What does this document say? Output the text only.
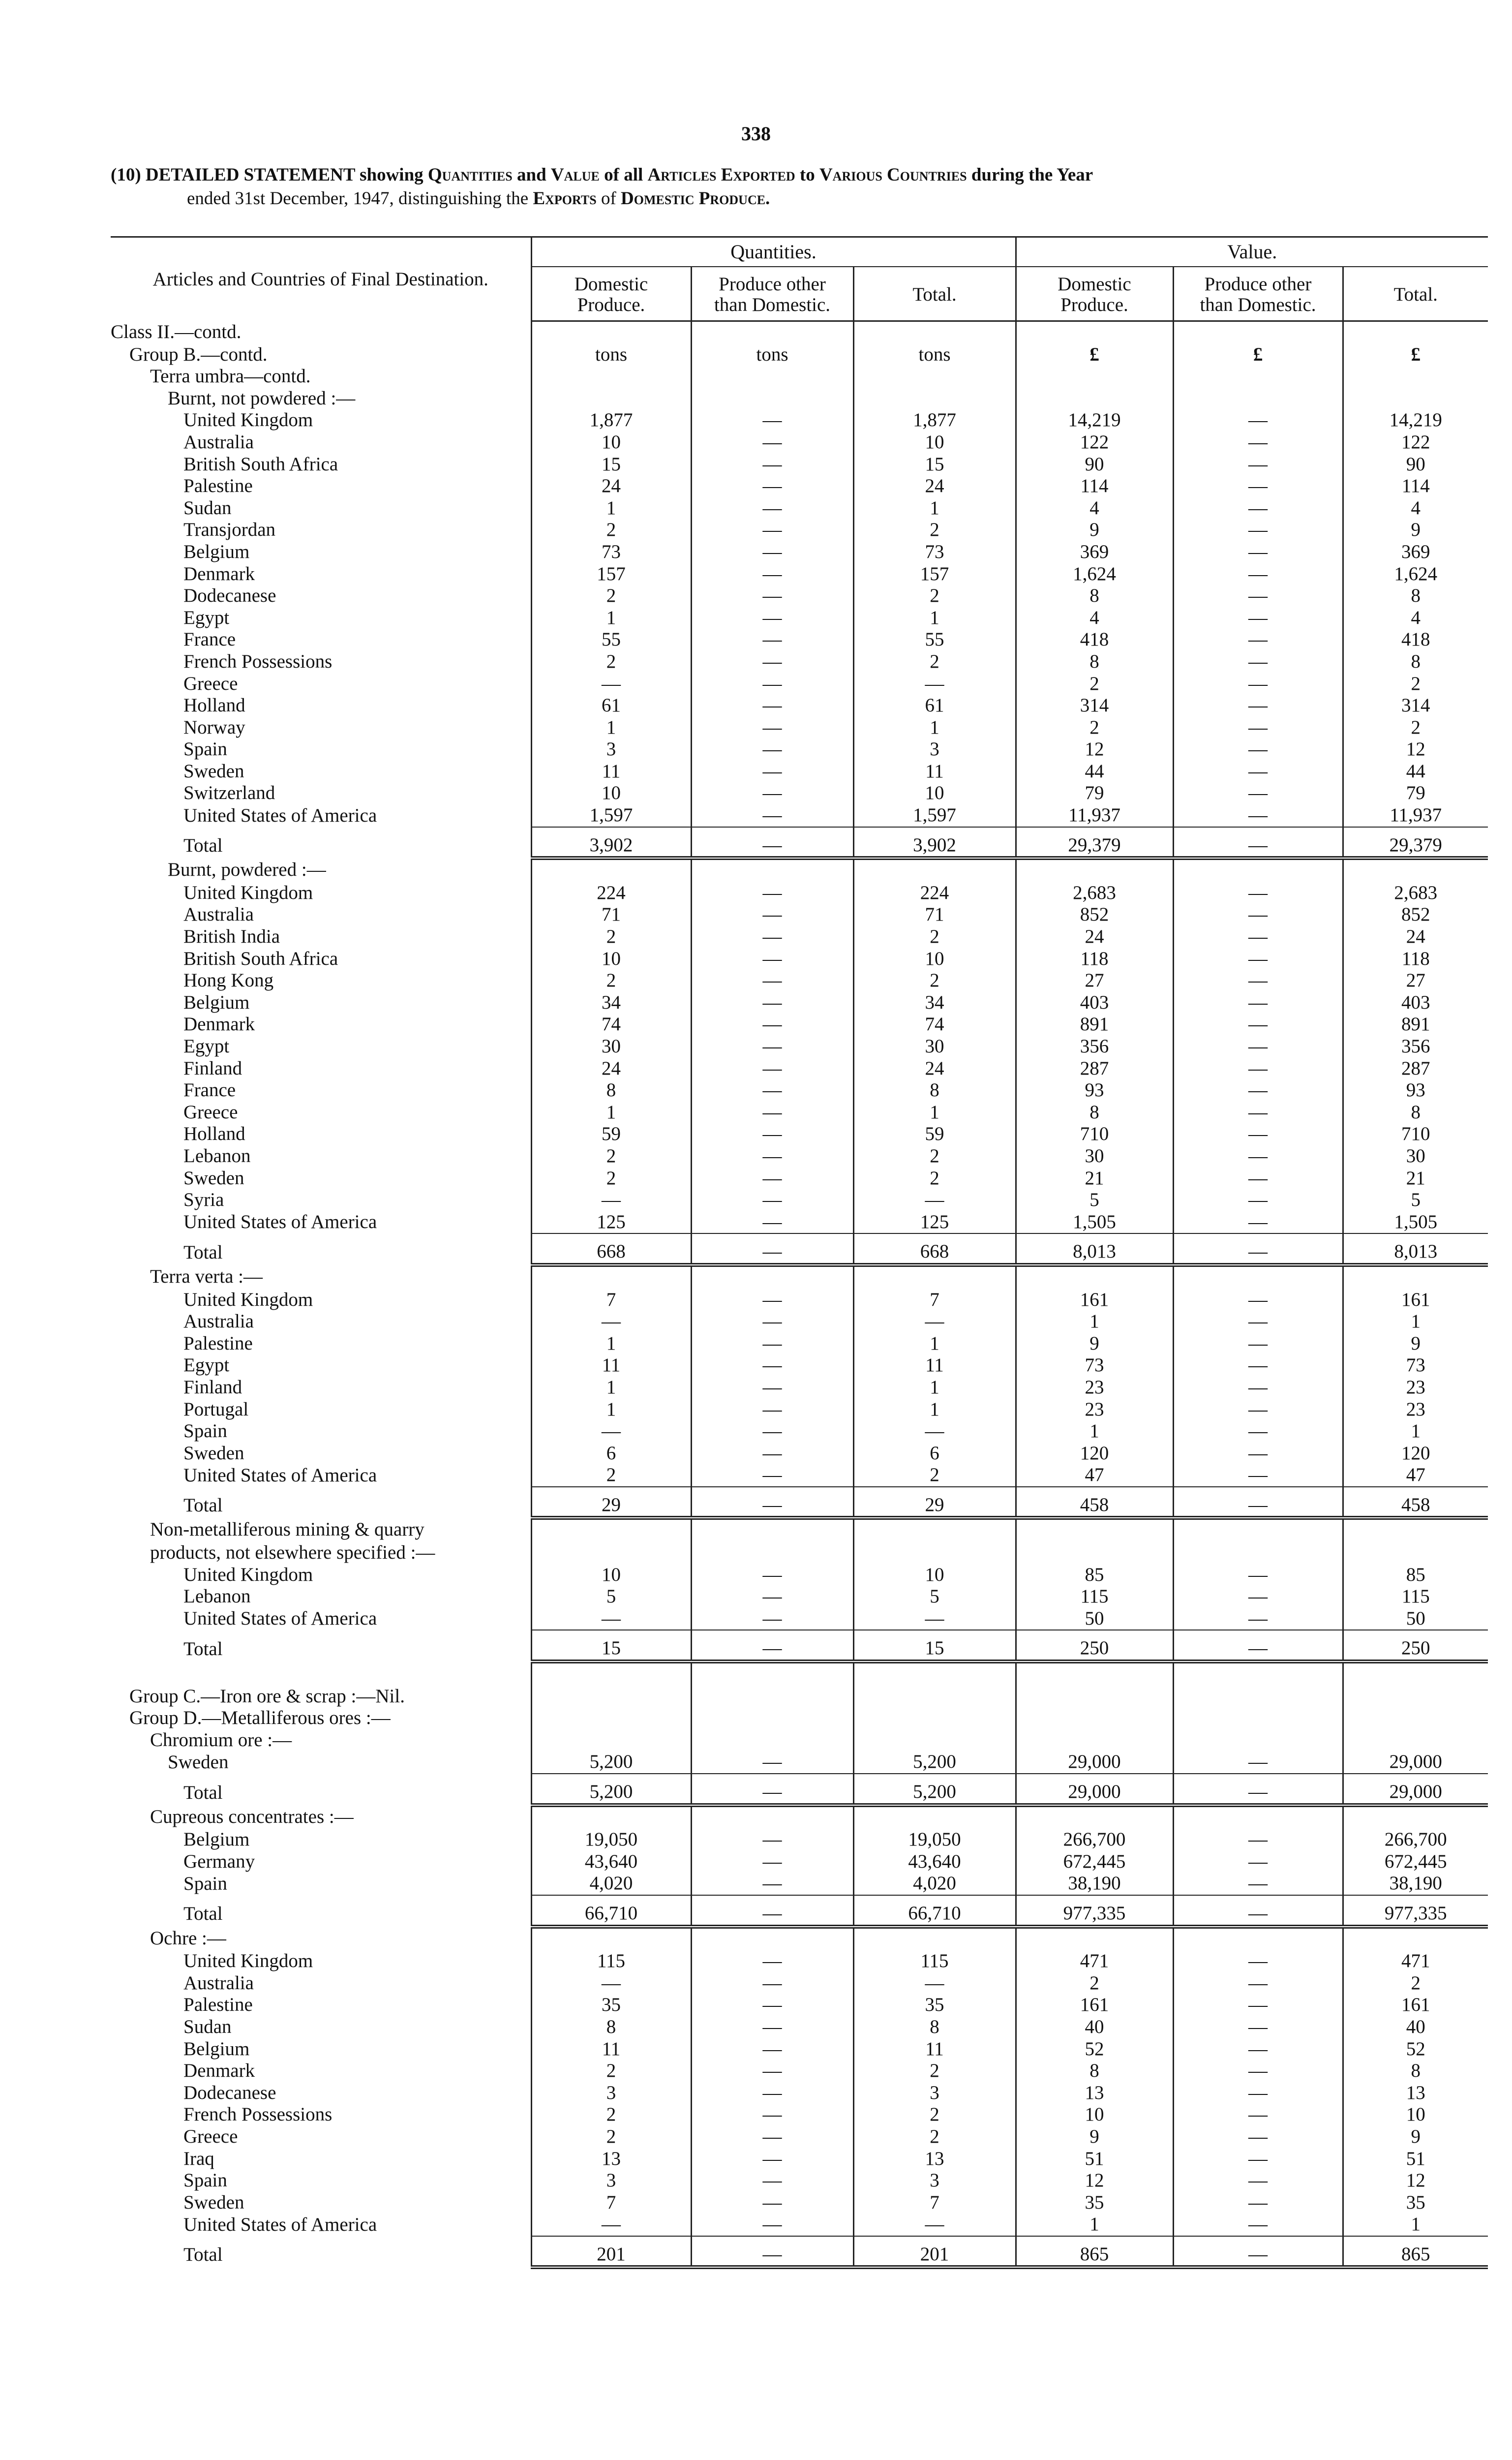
338
(10) DETAILED STATEMENT showing Quantities and Value of all Articles Exported to Various Countries during the Year
ended 31st December, 1947, distinguishing the Exports of Domestic Produce.
Articles and Countries of Final Destination.	Quantities.			Value.		
	Domestic Produce.	Produce other than Domestic.	Total.	Domestic Produce.	Produce other than Domestic.	Total.
Class II.—contd.						
Group B.—contd.	tons	tons	tons	£	£	£
Terra umbra—contd.						
Burnt, not powdered :—						
United Kingdom	1,877	—	1,877	14,219	—	14,219
Australia	10	—	10	122	—	122
British South Africa	15	—	15	90	—	90
Palestine	24	—	24	114	—	114
Sudan	1	—	1	4	—	4
Transjordan	2	—	2	9	—	9
Belgium	73	—	73	369	—	369
Denmark	157	—	157	1,624	—	1,624
Dodecanese	2	—	2	8	—	8
Egypt	1	—	1	4	—	4
France	55	—	55	418	—	418
French Possessions	2	—	2	8	—	8
Greece	—	—	—	2	—	2
Holland	61	—	61	314	—	314
Norway	1	—	1	2	—	2
Spain	3	—	3	12	—	12
Sweden	11	—	11	44	—	44
Switzerland	10	—	10	79	—	79
United States of America	1,597	—	1,597	11,937	—	11,937
Total	3,902	—	3,902	29,379	—	29,379
Burnt, powdered :—						
United Kingdom	224	—	224	2,683	—	2,683
Australia	71	—	71	852	—	852
British India	2	—	2	24	—	24
British South Africa	10	—	10	118	—	118
Hong Kong	2	—	2	27	—	27
Belgium	34	—	34	403	—	403
Denmark	74	—	74	891	—	891
Egypt	30	—	30	356	—	356
Finland	24	—	24	287	—	287
France	8	—	8	93	—	93
Greece	1	—	1	8	—	8
Holland	59	—	59	710	—	710
Lebanon	2	—	2	30	—	30
Sweden	2	—	2	21	—	21
Syria	—	—	—	5	—	5
United States of America	125	—	125	1,505	—	1,505
Total	668	—	668	8,013	—	8,013
Terra verta :—						
United Kingdom	7	—	7	161	—	161
Australia	—	—	—	1	—	1
Palestine	1	—	1	9	—	9
Egypt	11	—	11	73	—	73
Finland	1	—	1	23	—	23
Portugal	1	—	1	23	—	23
Spain	—	—	—	1	—	1
Sweden	6	—	6	120	—	120
United States of America	2	—	2	47	—	47
Total	29	—	29	458	—	458
Non-metalliferous mining & quarry						
products, not elsewhere specified :—						
United Kingdom	10	—	10	85	—	85
Lebanon	5	—	5	115	—	115
United States of America	—	—	—	50	—	50
Total	15	—	15	250	—	250

Group C.—Iron ore & scrap :—Nil.						
Group D.—Metalliferous ores :—						
Chromium ore :—						
Sweden	5,200	—	5,200	29,000	—	29,000
Total	5,200	—	5,200	29,000	—	29,000
Cupreous concentrates :—						
Belgium	19,050	—	19,050	266,700	—	266,700
Germany	43,640	—	43,640	672,445	—	672,445
Spain	4,020	—	4,020	38,190	—	38,190
Total	66,710	—	66,710	977,335	—	977,335
Ochre :—						
United Kingdom	115	—	115	471	—	471
Australia	—	—	—	2	—	2
Palestine	35	—	35	161	—	161
Sudan	8	—	8	40	—	40
Belgium	11	—	11	52	—	52
Denmark	2	—	2	8	—	8
Dodecanese	3	—	3	13	—	13
French Possessions	2	—	2	10	—	10
Greece	2	—	2	9	—	9
Iraq	13	—	13	51	—	51
Spain	3	—	3	12	—	12
Sweden	7	—	7	35	—	35
United States of America	—	—	—	1	—	1
Total	201	—	201	865	—	865
